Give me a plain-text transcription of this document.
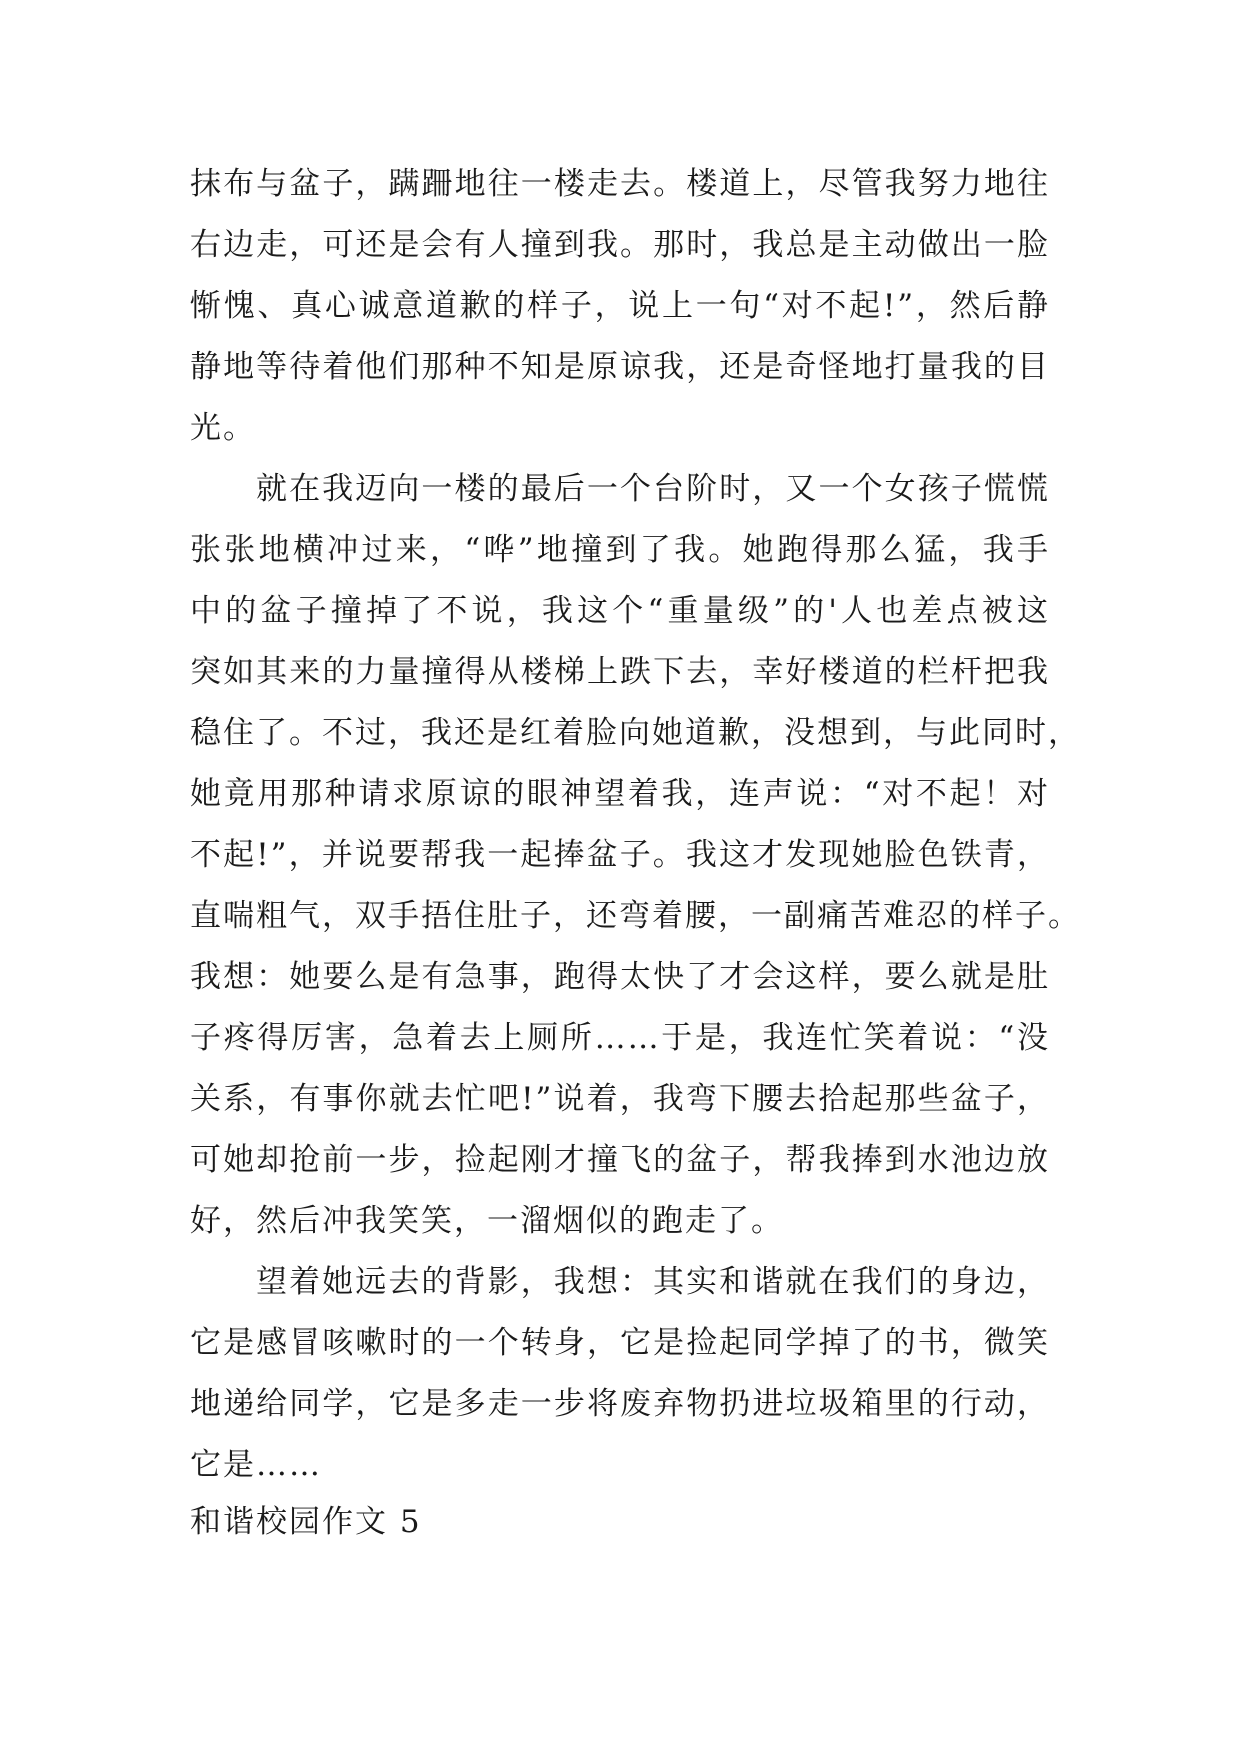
抹布与盆子，蹒跚地往一楼走去。楼道上，尽管我努力地往
右边走，可还是会有人撞到我。那时，我总是主动做出一脸
惭愧、真心诚意道歉的样子，说上一句“对不起!”，然后静
静地等待着他们那种不知是原谅我，还是奇怪地打量我的目
光。
就在我迈向一楼的最后一个台阶时，又一个女孩子慌慌
张张地横冲过来，“哗”地撞到了我。她跑得那么猛，我手
中的盆子撞掉了不说，我这个“重量级”的'人也差点被这
突如其来的力量撞得从楼梯上跌下去，幸好楼道的栏杆把我
稳住了。不过，我还是红着脸向她道歉，没想到，与此同时，
她竟用那种请求原谅的眼神望着我，连声说：“对不起！对
不起!”，并说要帮我一起捧盆子。我这才发现她脸色铁青，
直喘粗气，双手捂住肚子，还弯着腰，一副痛苦难忍的样子。
我想：她要么是有急事，跑得太快了才会这样，要么就是肚
子疼得厉害，急着去上厕所……于是，我连忙笑着说：“没
关系，有事你就去忙吧!”说着，我弯下腰去拾起那些盆子，
可她却抢前一步，捡起刚才撞飞的盆子，帮我捧到水池边放
好，然后冲我笑笑，一溜烟似的跑走了。
望着她远去的背影，我想：其实和谐就在我们的身边，
它是感冒咳嗽时的一个转身，它是捡起同学掉了的书，微笑
地递给同学，它是多走一步将废弃物扔进垃圾箱里的行动，
它是……
和谐校园作文 5
